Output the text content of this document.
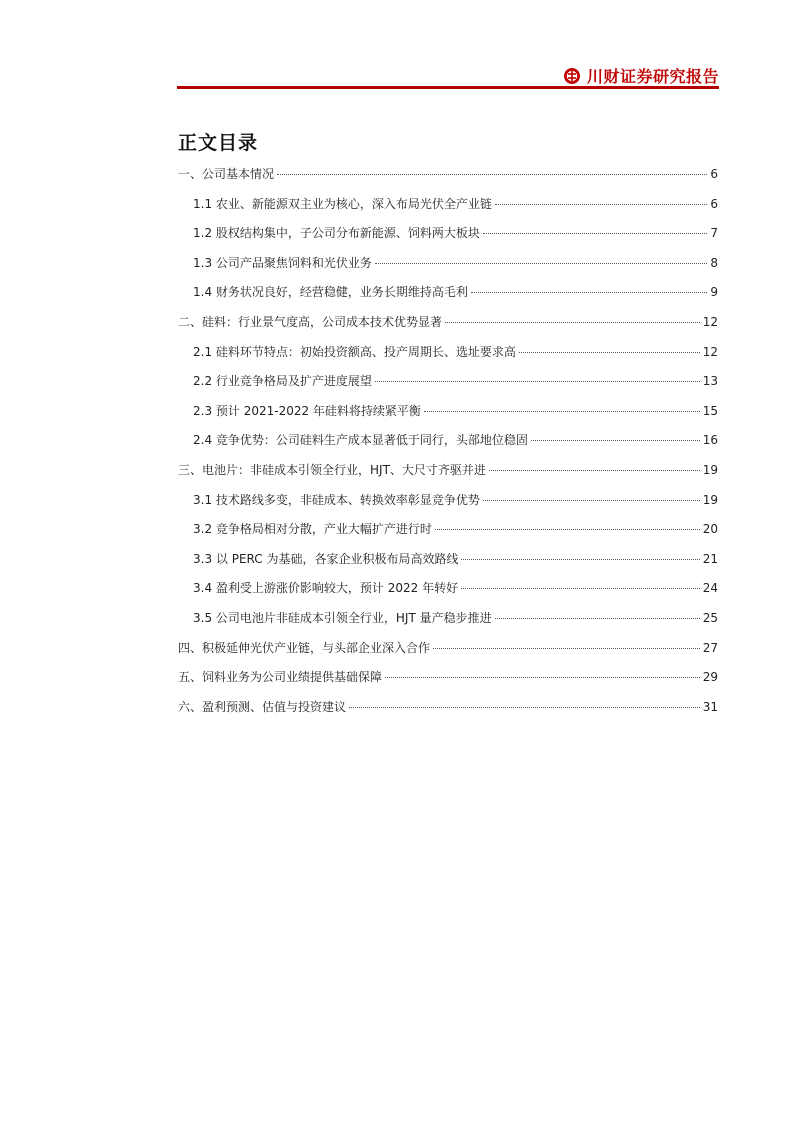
川财证券研究报告
正文目录
一、公司基本情况	6
1.1 农业、新能源双主业为核心，深入布局光伏全产业链	6
1.2 股权结构集中，子公司分布新能源、饲料两大板块	7
1.3 公司产品聚焦饲料和光伏业务	8
1.4 财务状况良好，经营稳健，业务长期维持高毛利	9
二、硅料：行业景气度高，公司成本技术优势显著	12
2.1 硅料环节特点：初始投资额高、投产周期长、选址要求高	12
2.2 行业竞争格局及扩产进度展望	13
2.3 预计 2021-2022 年硅料将持续紧平衡	15
2.4 竞争优势：公司硅料生产成本显著低于同行，头部地位稳固	16
三、电池片：非硅成本引领全行业，HJT、大尺寸齐驱并进	19
3.1 技术路线多变，非硅成本、转换效率彰显竞争优势	19
3.2 竞争格局相对分散，产业大幅扩产进行时	20
3.3 以 PERC 为基础，各家企业积极布局高效路线	21
3.4 盈利受上游涨价影响较大，预计 2022 年转好	24
3.5 公司电池片非硅成本引领全行业，HJT 量产稳步推进	25
四、积极延伸光伏产业链，与头部企业深入合作	27
五、饲料业务为公司业绩提供基础保障	29
六、盈利预测、估值与投资建议	31
